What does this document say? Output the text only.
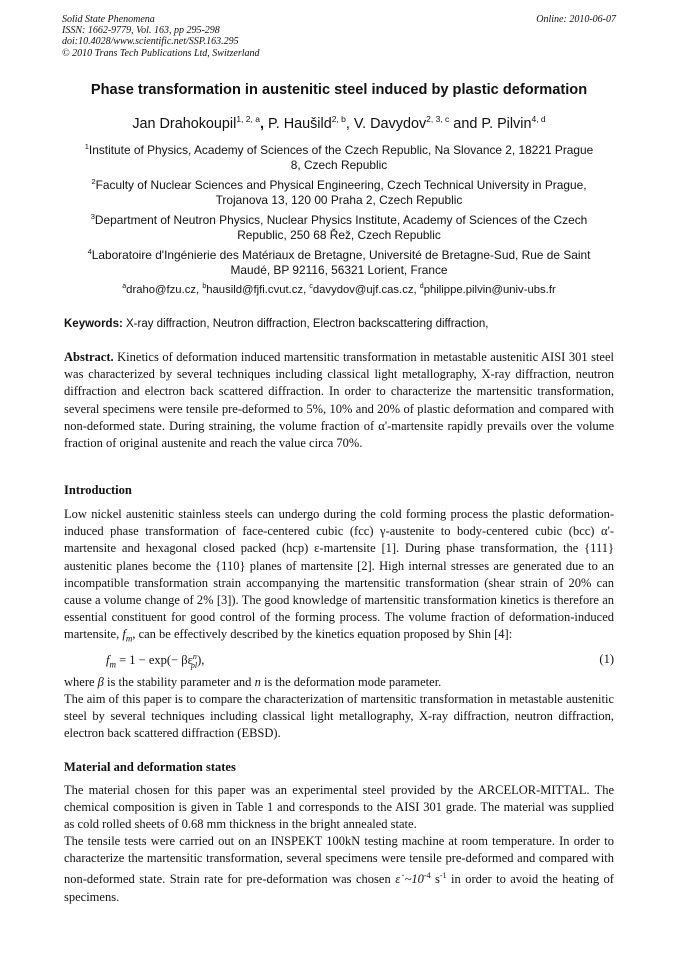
Solid State Phenomena
ISSN: 1662-9779, Vol. 163, pp 295-298
doi:10.4028/www.scientific.net/SSP.163.295
© 2010 Trans Tech Publications Ltd, Switzerland
Online: 2010-06-07
Phase transformation in austenitic steel induced by plastic deformation
Jan Drahokoupil$^{1, 2, a}$, P. Haušild$^{2, b}$, V. Davydov$^{2, 3, c}$ and P. Pilvin$^{4, d}$
$^1$Institute of Physics, Academy of Sciences of the Czech Republic, Na Slovance 2, 18221 Prague
8, Czech Republic
$^2$Faculty of Nuclear Sciences and Physical Engineering, Czech Technical University in Prague,
Trojanova 13, 120 00 Praha 2, Czech Republic
$^3$Department of Neutron Physics, Nuclear Physics Institute, Academy of Sciences of the Czech
Republic, 250 68 Řež, Czech Republic
$^4$Laboratoire d'Ingénierie des Matériaux de Bretagne, Université de Bretagne-Sud, Rue de Saint
Maudé, BP 92116, 56321 Lorient, France
$^a$draho@fzu.cz, $^b$hausild@fjfi.cvut.cz, $^c$davydov@ujf.cas.cz, $^d$philippe.pilvin@univ-ubs.fr
Keywords: X-ray diffraction, Neutron diffraction, Electron backscattering diffraction,
Abstract. Kinetics of deformation induced martensitic transformation in metastable austenitic AISI 301 steel was characterized by several techniques including classical light metallography, X-ray diffraction, neutron diffraction and electron back scattered diffraction. In order to characterize the martensitic transformation, several specimens were tensile pre-deformed to 5%, 10% and 20% of plastic deformation and compared with non-deformed state. During straining, the volume fraction of α'-martensite rapidly prevails over the volume fraction of original austenite and reach the value circa 70%.
Introduction
Low nickel austenitic stainless steels can undergo during the cold forming process the plastic deformation-induced phase transformation of face-centered cubic (fcc) γ-austenite to body-centered cubic (bcc) α'-martensite and hexagonal closed packed (hcp) ε-martensite [1]. During phase transformation, the {111} austenitic planes become the {110} planes of martensite [2]. High internal stresses are generated due to an incompatible transformation strain accompanying the martensitic transformation (shear strain of 20% can cause a volume change of 2% [3]). The good knowledge of martensitic transformation kinetics is therefore an essential constituent for good control of the forming process. The volume fraction of deformation-induced martensite, $f_m$, can be effectively described by the kinetics equation proposed by Shin [4]:
$f_m = 1 - \exp(- \beta\varepsilon^n_{pl})$,	(1)
where β is the stability parameter and n is the deformation mode parameter.
The aim of this paper is to compare the characterization of martensitic transformation in metastable austenitic steel by several techniques including classical light metallography, X-ray diffraction, neutron diffraction, electron back scattered diffraction (EBSD).
Material and deformation states
The material chosen for this paper was an experimental steel provided by the ARCELOR-MITTAL. The chemical composition is given in Table 1 and corresponds to the AISI 301 grade. The material was supplied as cold rolled sheets of 0.68 mm thickness in the bright annealed state.
The tensile tests were carried out on an INSPEKT 100kN testing machine at room temperature. In order to characterize the martensitic transformation, several specimens were tensile pre-deformed and compared with non-deformed state. Strain rate for pre-deformation was chosen ε̇ $\sim 10^{-4}$ $s^{-1}$ in order to avoid the heating of specimens.
